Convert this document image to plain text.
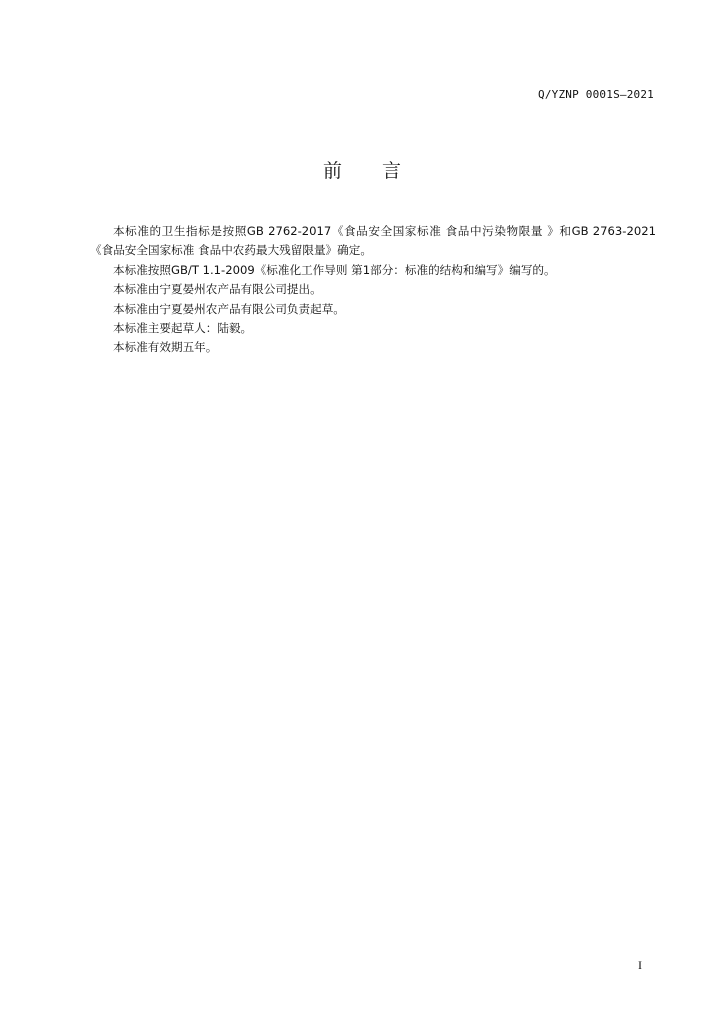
Q/YZNP 0001S—2021
前 言

本标准的卫生指标是按照GB 2762-2017《食品安全国家标准 食品中污染物限量 》和GB 2763-2021《食品安全国家标准 食品中农药最大残留限量》确定。

本标准按照GB/T 1.1-2009《标准化工作导则 第1部分：标准的结构和编写》编写的。

本标准由宁夏晏州农产品有限公司提出。

本标准由宁夏晏州农产品有限公司负责起草。

本标准主要起草人：陆毅。

本标准有效期五年。

I
